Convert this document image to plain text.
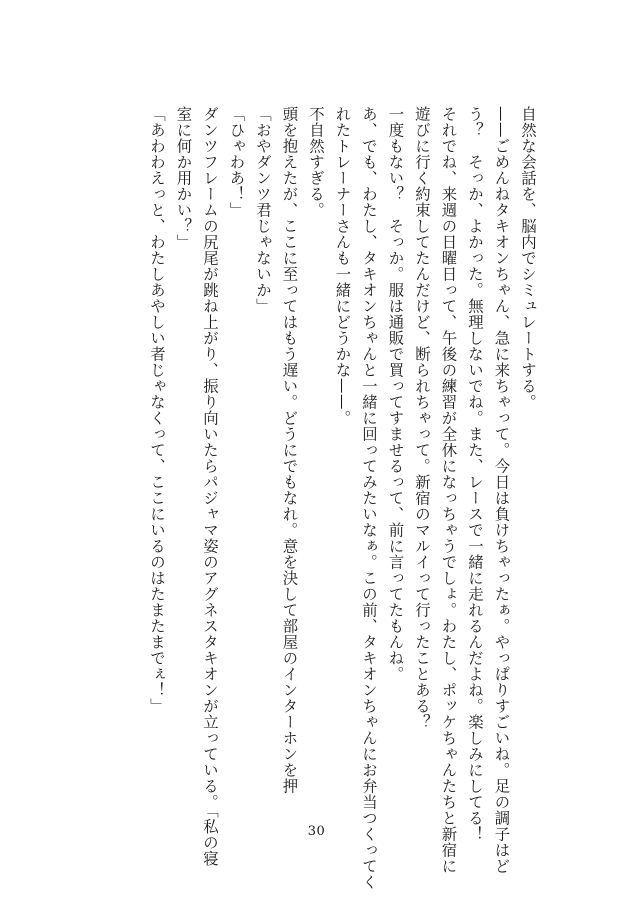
自然な会話を、脳内でシミュレートする。
——ごめんねタキオンちゃん、急に来ちゃって。今日は負けちゃったぁ。やっぱりすごいね。足の調子はど
う？　そっか、よかった。無理しないでね。また、レースで一緒に走れるんだよね。楽しみにしてる！
それでね、来週の日曜日って、午後の練習が全休になっちゃうでしょ。わたし、ポッケちゃんたちと新宿に
遊びに行く約束してたんだけど、断られちゃって。新宿のマルイって行ったことある？
一度もない？　そっか。服は通販で買ってすませるって、前に言ってたもんね。
あ、でも、わたし、タキオンちゃんと一緒に回ってみたいなぁ。この前、タキオンちゃんにお弁当つくってく
れたトレーナーさんも一緒にどうかな——。
不自然すぎる。
頭を抱えたが、ここに至ってはもう遅い。どうにでもなれ。意を決して部屋のインターホンを押
「おやダンツ君じゃないか」
「ひゃわあ！」
ダンツフレームの尻尾が跳ね上がり、振り向いたらパジャマ姿のアグネスタキオンが立っている。「私の寝
室に何か用かい？」
「あわわえっと、わたしあやしい者じゃなくって、ここにいるのはたまたまでぇ！」
30
